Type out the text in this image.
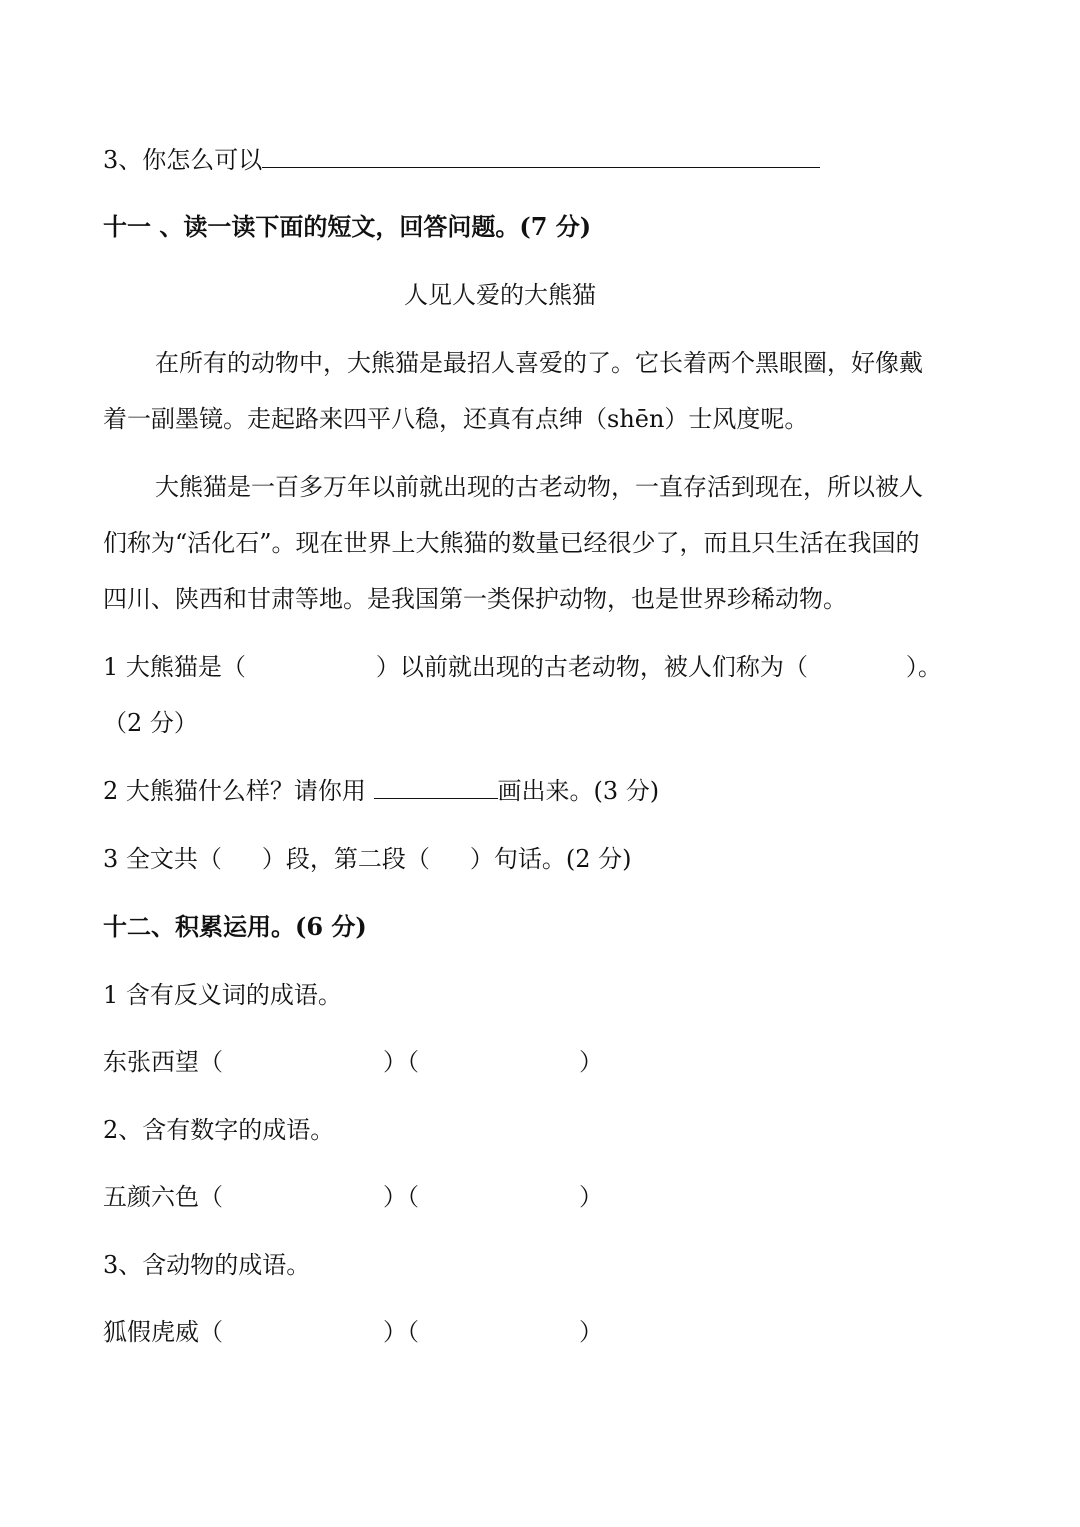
3、你怎么可以
十一 、读一读下面的短文，回答问题。(7 分)
人见人爱的大熊猫
在所有的动物中，大熊猫是最招人喜爱的了。它长着两个黑眼圈，好像戴
着一副墨镜。走起路来四平八稳，还真有点绅（shēn）士风度呢。
大熊猫是一百多万年以前就出现的古老动物，一直存活到现在，所以被人
们称为“活化石”。现在世界上大熊猫的数量已经很少了，而且只生活在我国的
四川、陕西和甘肃等地。是我国第一类保护动物，也是世界珍稀动物。
1 大熊猫是（	）以前就出现的古老动物，被人们称为（	）。
（2 分）
2 大熊猫什么样？请你用	画出来。(3 分)
3 全文共（ ）段，第二段（ ）句话。(2 分)
十二、积累运用。(6 分)
1 含有反义词的成语。
东张西望（	）（	）
2、含有数字的成语。
五颜六色（	）（	）
3、含动物的成语。
狐假虎威（	）（	）
